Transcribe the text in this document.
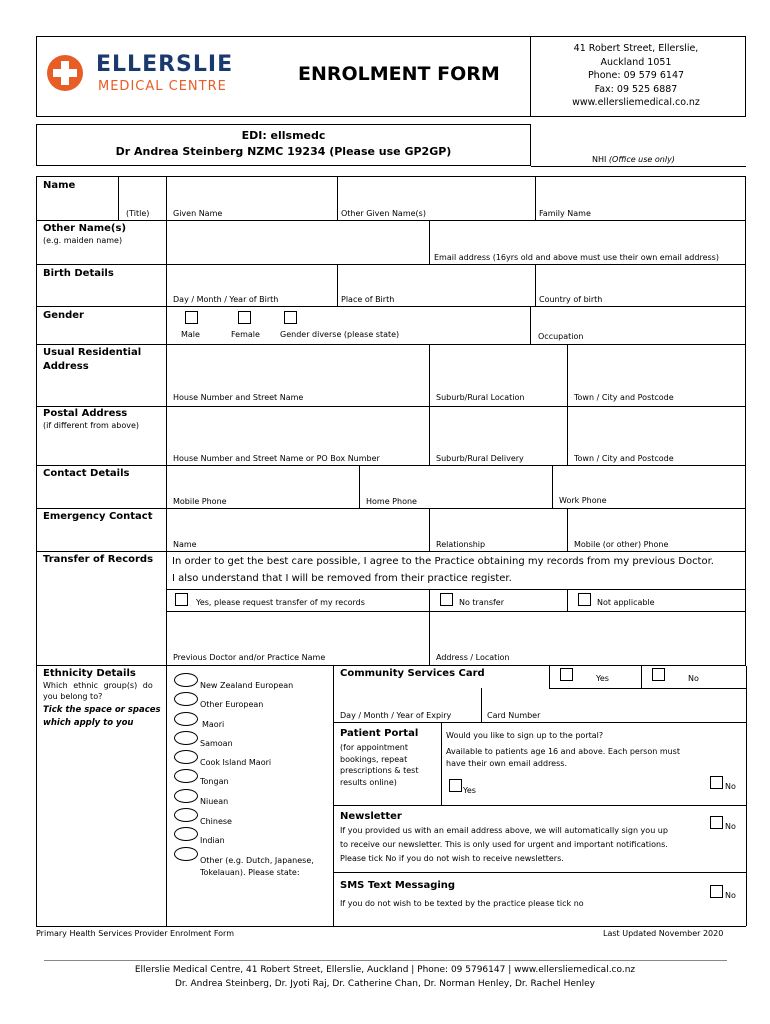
ELLERSLIE
MEDICAL CENTRE
ENROLMENT FORM
41 Robert Street, Ellerslie,
Auckland 1051
Phone: 09 579 6147
Fax: 09 525 6887
www.ellersliemedical.co.nz
EDI: ellsmedc
Dr Andrea Steinberg NZMC 19234 (Please use GP2GP)
NHI (Office use only)
Name
(Title)	Given Name	Other Given Name(s)	Family Name
Other Name(s)
(e.g. maiden name)
Email address (16yrs old and above must use their own email address)
Birth Details
Day / Month / Year of Birth	Place of Birth	Country of birth
Gender
Male	Female	Gender diverse (please state)	Occupation
Usual Residential
Address
House Number and Street Name	Suburb/Rural Location	Town / City and Postcode
Postal Address
(if different from above)
House Number and Street Name or PO Box Number	Suburb/Rural Delivery	Town / City and Postcode
Contact Details
Mobile Phone	Home Phone	Work Phone
Emergency Contact
Name	Relationship	Mobile (or other) Phone
Transfer of Records In order to get the best care possible, I agree to the Practice obtaining my records from my previous Doctor.
I also understand that I will be removed from their practice register.
Yes, please request transfer of my records	No transfer	Not applicable
Previous Doctor and/or Practice Name	Address / Location
Ethnicity Details
Which ethnic group(s) do
you belong to?
Tick the space or spaces
which apply to you
New Zealand European
Other European
Maori
Samoan
Cook Island Maori
Tongan
Niuean
Chinese
Indian
Other (e.g. Dutch, Japanese,
Tokelauan). Please state:
Community Services Card	Yes	No
Day / Month / Year of Expiry	Card Number
Patient Portal
(for appointment
bookings, repeat
prescriptions & test
results online)
Would you like to sign up to the portal?
Available to patients age 16 and above. Each person must
have their own email address.
Yes	No
Newsletter
If you provided us with an email address above, we will automatically sign you up
to receive our newsletter. This is only used for urgent and important notifications.
Please tick No if you do not wish to receive newsletters.
No
SMS Text Messaging
If you do not wish to be texted by the practice please tick no
No
Primary Health Services Provider Enrolment Form	Last Updated November 2020
Ellerslie Medical Centre, 41 Robert Street, Ellerslie, Auckland | Phone: 09 5796147 | www.ellersliemedical.co.nz
Dr. Andrea Steinberg, Dr. Jyoti Raj, Dr. Catherine Chan, Dr. Norman Henley, Dr. Rachel Henley
